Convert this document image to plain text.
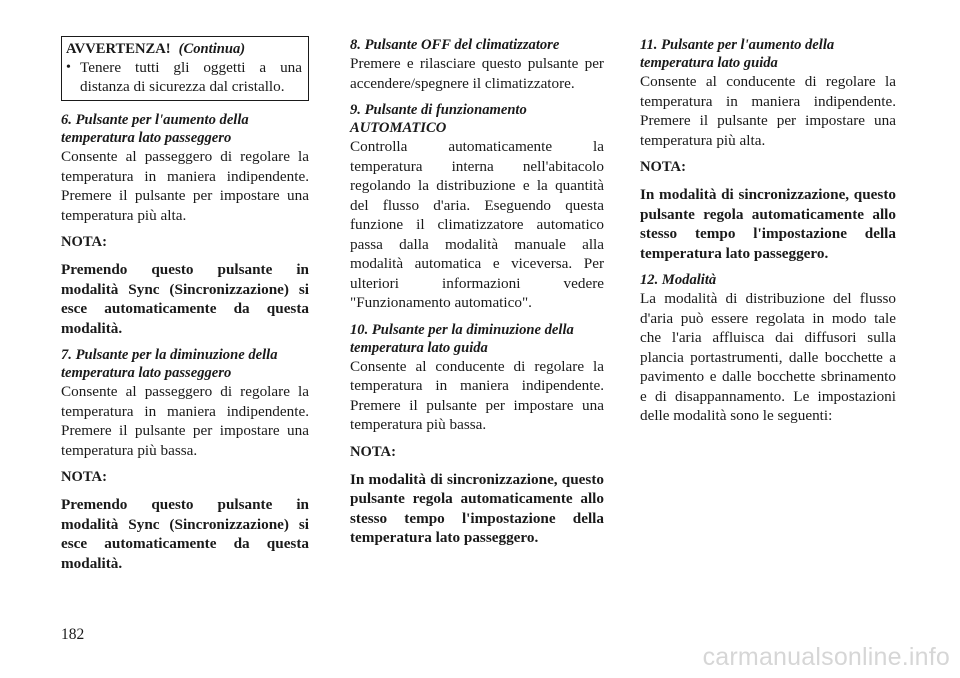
AVVERTENZA! (Continua)

• Tenere tutti gli oggetti a una distanza di sicurezza dal cristallo.

6. Pulsante per l'aumento della temperatura lato passeggero

Consente al passeggero di regolare la temperatura in maniera indipendente. Premere il pulsante per impostare una temperatura più alta.

NOTA:

Premendo questo pulsante in modalità Sync (Sincronizzazione) si esce automaticamente da questa modalità.

7. Pulsante per la diminuzione della temperatura lato passeggero

Consente al passeggero di regolare la temperatura in maniera indipendente. Premere il pulsante per impostare una temperatura più bassa.

NOTA:

Premendo questo pulsante in modalità Sync (Sincronizzazione) si esce automaticamente da questa modalità.

8. Pulsante OFF del climatizzatore

Premere e rilasciare questo pulsante per accendere/spegnere il climatizzatore.

9. Pulsante di funzionamento AUTOMATICO

Controlla automaticamente la temperatura interna nell'abitacolo regolando la distribuzione e la quantità del flusso d'aria. Eseguendo questa funzione il climatizzatore automatico passa dalla modalità manuale alla modalità automatica e viceversa. Per ulteriori informazioni vedere "Funzionamento automatico".

10. Pulsante per la diminuzione della temperatura lato guida

Consente al conducente di regolare la temperatura in maniera indipendente. Premere il pulsante per impostare una temperatura più bassa.

NOTA:

In modalità di sincronizzazione, questo pulsante regola automaticamente allo stesso tempo l'impostazione della temperatura lato passeggero.

11. Pulsante per l'aumento della temperatura lato guida

Consente al conducente di regolare la temperatura in maniera indipendente. Premere il pulsante per impostare una temperatura più alta.

NOTA:

In modalità di sincronizzazione, questo pulsante regola automaticamente allo stesso tempo l'impostazione della temperatura lato passeggero.

12. Modalità

La modalità di distribuzione del flusso d'aria può essere regolata in modo tale che l'aria affluisca dai diffusori sulla plancia portastrumenti, dalle bocchette a pavimento e dalle bocchette sbrinamento e di disappannamento. Le impostazioni delle modalità sono le seguenti:

182

carmanualsonline.info
